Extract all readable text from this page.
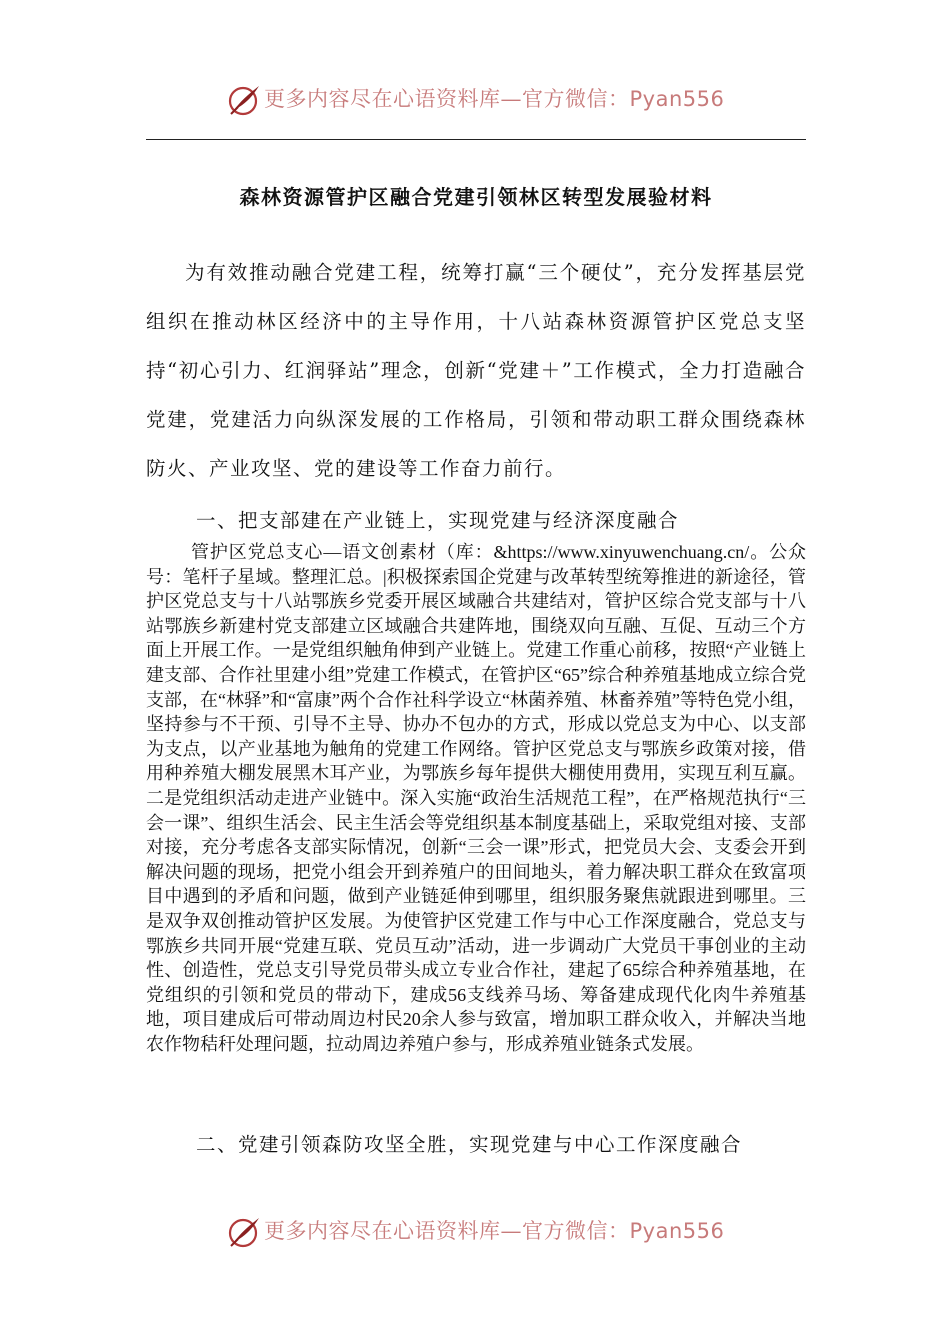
更多内容尽在心语资料库—官方微信：Pyan556
森林资源管护区融合党建引领林区转型发展验材料
为有效推动融合党建工程，统筹打赢“三个硬仗”，充分发挥基层党组织在推动林区经济中的主导作用，十八站森林资源管护区党总支坚持“初心引力、红润驿站”理念，创新“党建＋”工作模式，全力打造融合党建，党建活力向纵深发展的工作格局，引领和带动职工群众围绕森林防火、产业攻坚、党的建设等工作奋力前行。
一、把支部建在产业链上，实现党建与经济深度融合
管护区党总支心—语文创素材（库：&https://www.xinyuwenchuang.cn/。公众号：笔杆子星域。整理汇总。|积极探索国企党建与改革转型统筹推进的新途径，管护区党总支与十八站鄂族乡党委开展区域融合共建结对，管护区综合党支部与十八站鄂族乡新建村党支部建立区域融合共建阵地，围绕双向互融、互促、互动三个方面上开展工作。一是党组织触角伸到产业链上。党建工作重心前移，按照“产业链上建支部、合作社里建小组”党建工作模式，在管护区“65”综合种养殖基地成立综合党支部，在“林驿”和“富康”两个合作社科学设立“林菌养殖、林畜养殖”等特色党小组，坚持参与不干预、引导不主导、协办不包办的方式，形成以党总支为中心、以支部为支点，以产业基地为触角的党建工作网络。管护区党总支与鄂族乡政策对接，借用种养殖大棚发展黑木耳产业，为鄂族乡每年提供大棚使用费用，实现互利互赢。二是党组织活动走进产业链中。深入实施“政治生活规范工程”，在严格规范执行“三会一课”、组织生活会、民主生活会等党组织基本制度基础上，采取党组对接、支部对接，充分考虑各支部实际情况，创新“三会一课”形式，把党员大会、支委会开到解决问题的现场，把党小组会开到养殖户的田间地头，着力解决职工群众在致富项目中遇到的矛盾和问题，做到产业链延伸到哪里，组织服务聚焦就跟进到哪里。三是双争双创推动管护区发展。为使管护区党建工作与中心工作深度融合，党总支与鄂族乡共同开展“党建互联、党员互动”活动，进一步调动广大党员干事创业的主动性、创造性，党总支引导党员带头成立专业合作社，建起了65综合种养殖基地，在党组织的引领和党员的带动下，建成56支线养马场、筹备建成现代化肉牛养殖基地，项目建成后可带动周边村民20余人参与致富，增加职工群众收入，并解决当地农作物秸秆处理问题，拉动周边养殖户参与，形成养殖业链条式发展。
二、党建引领森防攻坚全胜，实现党建与中心工作深度融合
更多内容尽在心语资料库—官方微信：Pyan556
